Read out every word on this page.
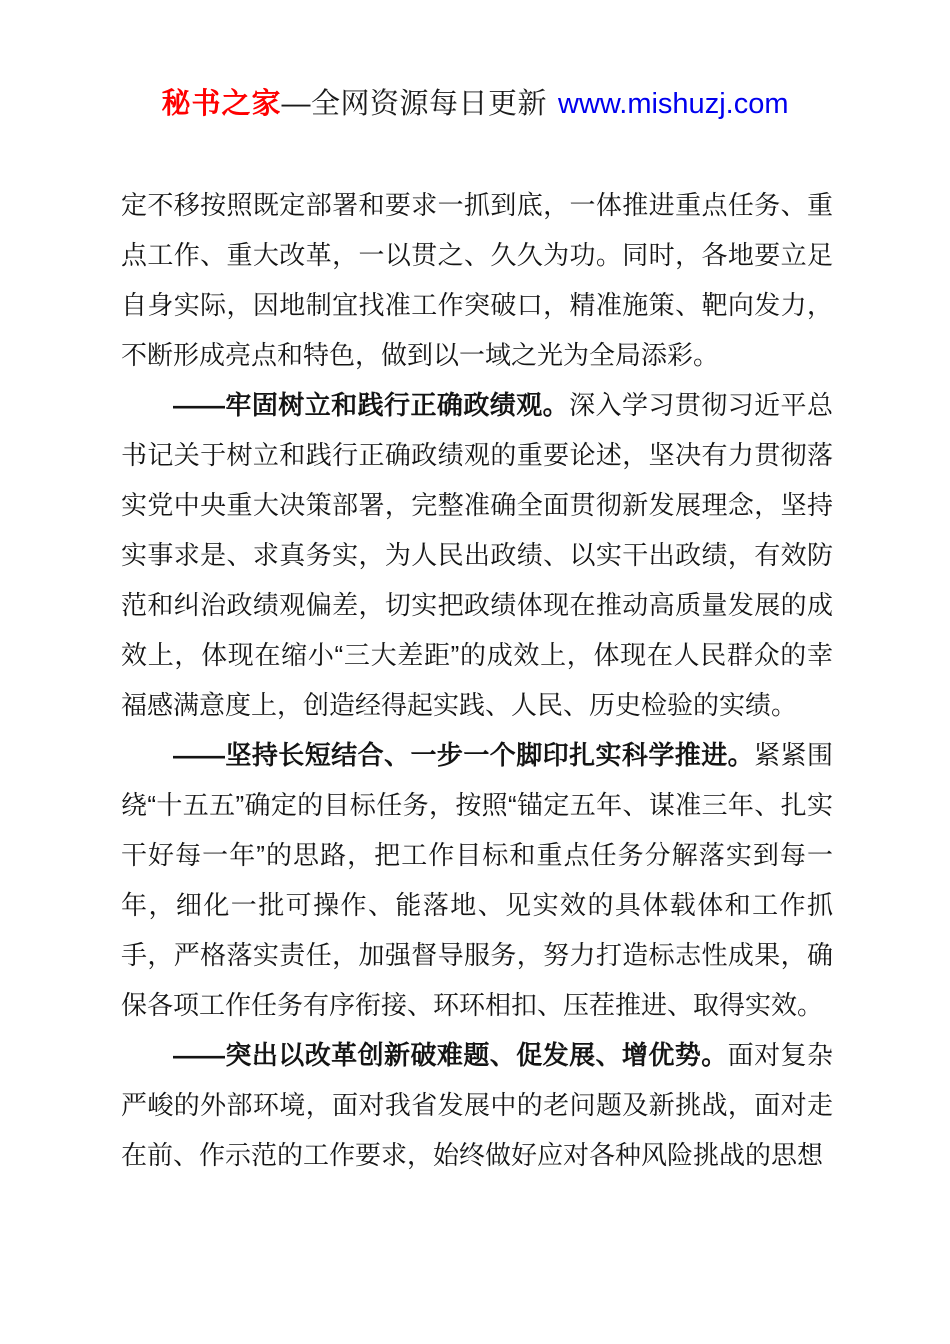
秘书之家—全网资源每日更新 www.mishuzj.com

定不移按照既定部署和要求一抓到底，一体推进重点任务、重点工作、重大改革，一以贯之、久久为功。同时，各地要立足自身实际，因地制宜找准工作突破口，精准施策、靶向发力，不断形成亮点和特色，做到以一域之光为全局添彩。

——牢固树立和践行正确政绩观。深入学习贯彻习近平总书记关于树立和践行正确政绩观的重要论述，坚决有力贯彻落实党中央重大决策部署，完整准确全面贯彻新发展理念，坚持实事求是、求真务实，为人民出政绩、以实干出政绩，有效防范和纠治政绩观偏差，切实把政绩体现在推动高质量发展的成效上，体现在缩小“三大差距”的成效上，体现在人民群众的幸福感满意度上，创造经得起实践、人民、历史检验的实绩。

——坚持长短结合、一步一个脚印扎实科学推进。紧紧围绕“十五五”确定的目标任务，按照“锚定五年、谋准三年、扎实干好每一年”的思路，把工作目标和重点任务分解落实到每一年，细化一批可操作、能落地、见实效的具体载体和工作抓手，严格落实责任，加强督导服务，努力打造标志性成果，确保各项工作任务有序衔接、环环相扣、压茬推进、取得实效。

——突出以改革创新破难题、促发展、增优势。面对复杂严峻的外部环境，面对我省发展中的老问题及新挑战，面对走在前、作示范的工作要求，始终做好应对各种风险挑战的思想
